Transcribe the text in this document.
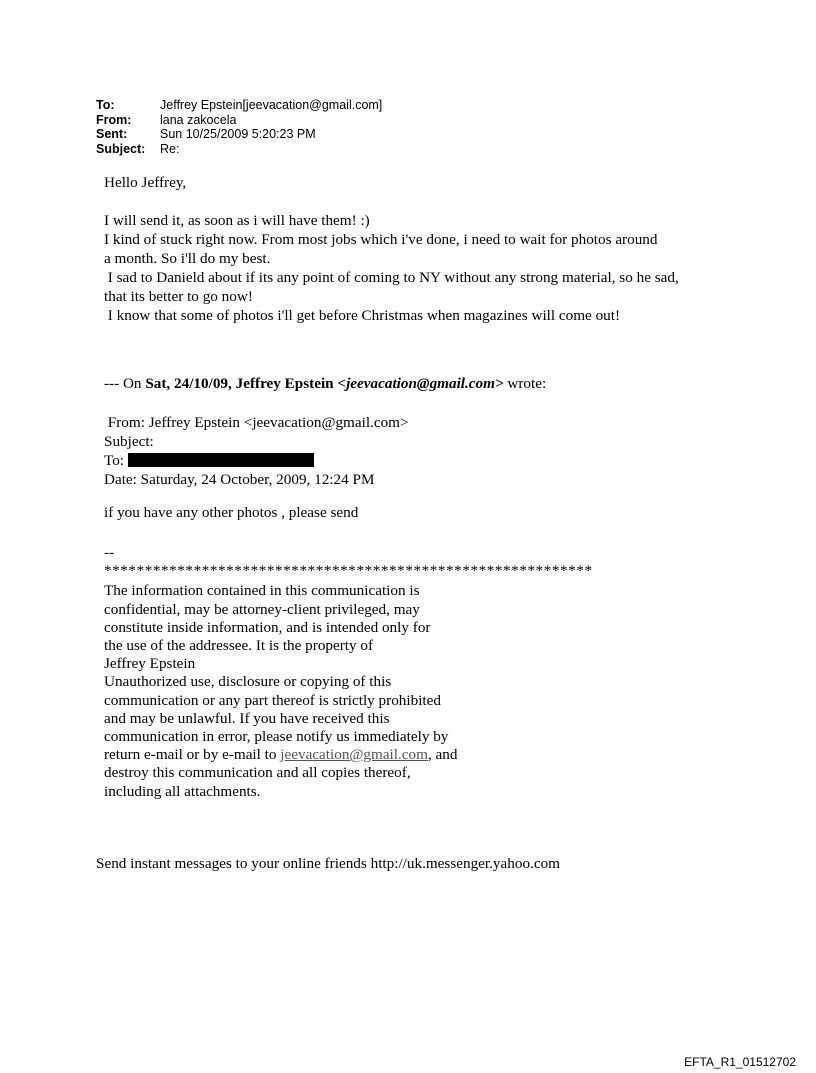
To:	Jeffrey Epstein[jeevacation@gmail.com]
From:	lana zakocela
Sent:	Sun 10/25/2009 5:20:23 PM
Subject:	Re:
Hello Jeffrey,
I will send it, as soon as i will have them! :)
I kind of stuck right now. From most jobs which i've done, i need to wait for photos around
a month. So i'll do my best.
I sad to Danield about if its any point of coming to NY without any strong material, so he sad,
that its better to go now!
I know that some of photos i'll get before Christmas when magazines will come out!
--- On Sat, 24/10/09, Jeffrey Epstein <jeevacation@gmail.com> wrote:
From: Jeffrey Epstein <jeevacation@gmail.com>
Subject:
To:
Date: Saturday, 24 October, 2009, 12:24 PM
if you have any other photos , please send
--
************************************************************
The information contained in this communication is
confidential, may be attorney-client privileged, may
constitute inside information, and is intended only for
the use of the addressee. It is the property of
Jeffrey Epstein
Unauthorized use, disclosure or copying of this
communication or any part thereof is strictly prohibited
and may be unlawful. If you have received this
communication in error, please notify us immediately by
return e-mail or by e-mail to jeevacation@gmail.com, and
destroy this communication and all copies thereof,
including all attachments.
Send instant messages to your online friends http://uk.messenger.yahoo.com
EFTA_R1_01512702
